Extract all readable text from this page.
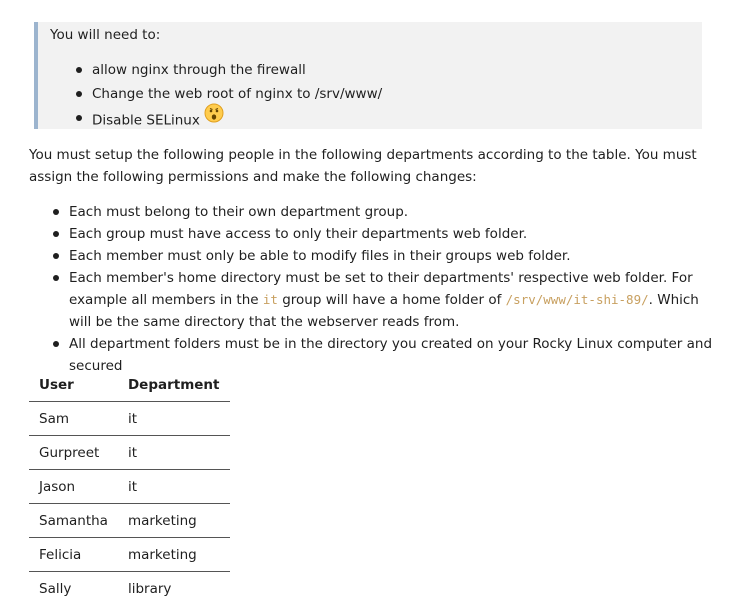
You will need to:
allow nginx through the firewall
Change the web root of nginx to /srv/www/
Disable SELinux

You must setup the following people in the following departments according to the table. You must assign the following permissions and make the following changes:

Each must belong to their own department group.
Each group must have access to only their departments web folder.
Each member must only be able to modify files in their groups web folder.
Each member's home directory must be set to their departments' respective web folder. For example all members in the it group will have a home folder of /srv/www/it-shi-89/. Which will be the same directory that the webserver reads from.
All department folders must be in the directory you created on your Rocky Linux computer and secured
User	Department
Sam	it
Gurpreet	it
Jason	it
Samantha	marketing
Felicia	marketing
Sally	library
